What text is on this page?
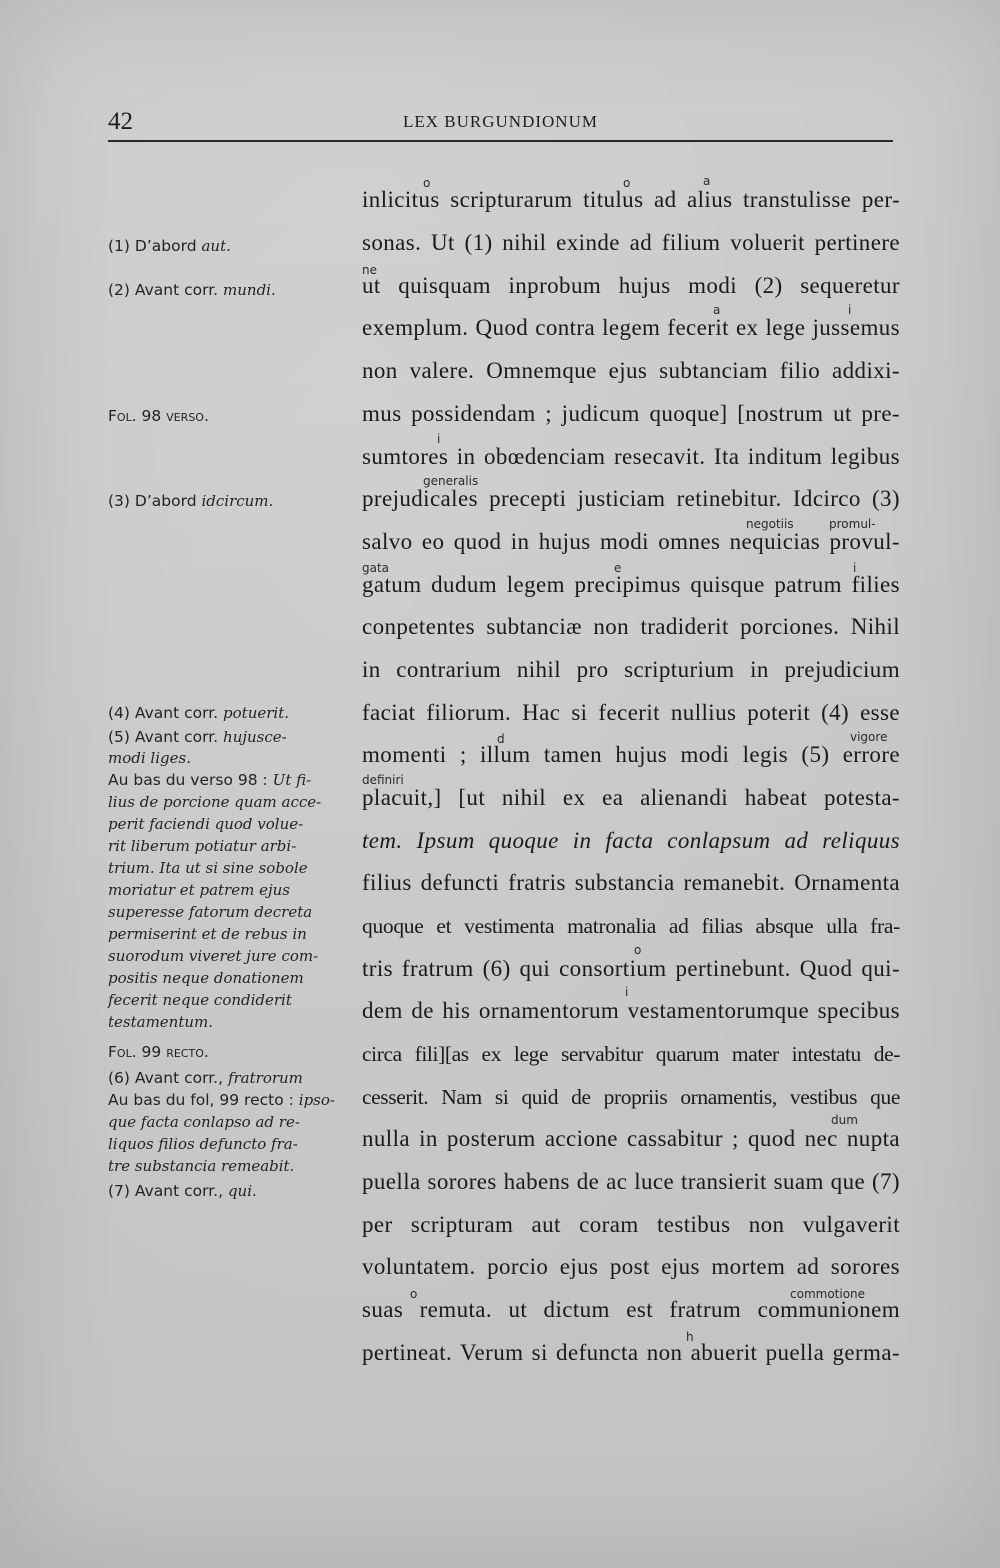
42	LEX BURGUNDIONUM
(1) D’abord aut.
(2) Avant corr. mundi.
Fol. 98 verso.
(3) D’abord idcircum.
(4) Avant corr. potuerit.
(5) Avant corr. hujusce-
modi liges.
Au bas du verso 98 : Ut fi-
lius de porcione quam acce-
perit faciendi quod voluе-
rit liberum potiatur arbi-
trium. Ita ut si sine sobole
moriatur et patrem ejus
superesse fatorum decreta
permiserint et de rebus in
suorodum viveret jure com-
positis neque donationem
fecerit neque condiderit
testamentum.
Fol. 99 recto.
(6) Avant corr., fratrorum
Au bas du fol, 99 recto : ipso-
que facta conlapso ad re-
liquos filios defuncto fra-
tre substancia remeabit.
(7) Avant corr., qui.
o	o	a
ne
a	i
i
generalis
negotiis	promul-
gata	e	i
d	vigore
definiri
o
i
dum
o	commotione
h
inlicitus scripturarum titulus ad alius transtulisse per-
sonas. Ut (1) nihil exinde ad filium voluerit pertinere
ut quisquam inprobum hujus modi (2) sequeretur
exemplum. Quod contra legem fecerit ex lege jussemus
non valere. Omnemque ejus subtanciam filio addixi-
mus possidendam ; judicum quoque] [nostrum ut pre-
sumtores in obœdenciam resecavit. Ita inditum legibus
prejudicales precepti justiciam retinebitur. Idcirco (3)
salvo eo quod in hujus modi omnes nequicias provul-
gatum dudum legem precipimus quisque patrum filies
conpetentes subtanciæ non tradiderit porciones. Nihil
in contrarium nihil pro scripturium in prejudicium
faciat filiorum. Hac si fecerit nullius poterit (4) esse
momenti ; illum tamen hujus modi legis (5) errore
placuit,] [ut nihil ex ea alienandi habeat potesta-
tem. Ipsum quoque in facta conlapsum ad reliquus
filius defuncti fratris substancia remanebit. Ornamenta
quoque et vestimenta matronalia ad filias absque ulla fra-
tris fratrum (6) qui consortium pertinebunt. Quod qui-
dem de his ornamentorum vestamentorumque specibus
circa fili][as ex lege servabitur quarum mater intestatu de-
cesserit. Nam si quid de propriis ornamentis, vestibus que
nulla in posterum accione cassabitur ; quod nec nupta
puella sorores habens de ac luce transierit suam que (7)
per scripturam aut coram testibus non vulgaverit
voluntatem. porcio ejus post ejus mortem ad sorores
suas remuta. ut dictum est fratrum communionem
pertineat. Verum si defuncta non abuerit puella germa-
